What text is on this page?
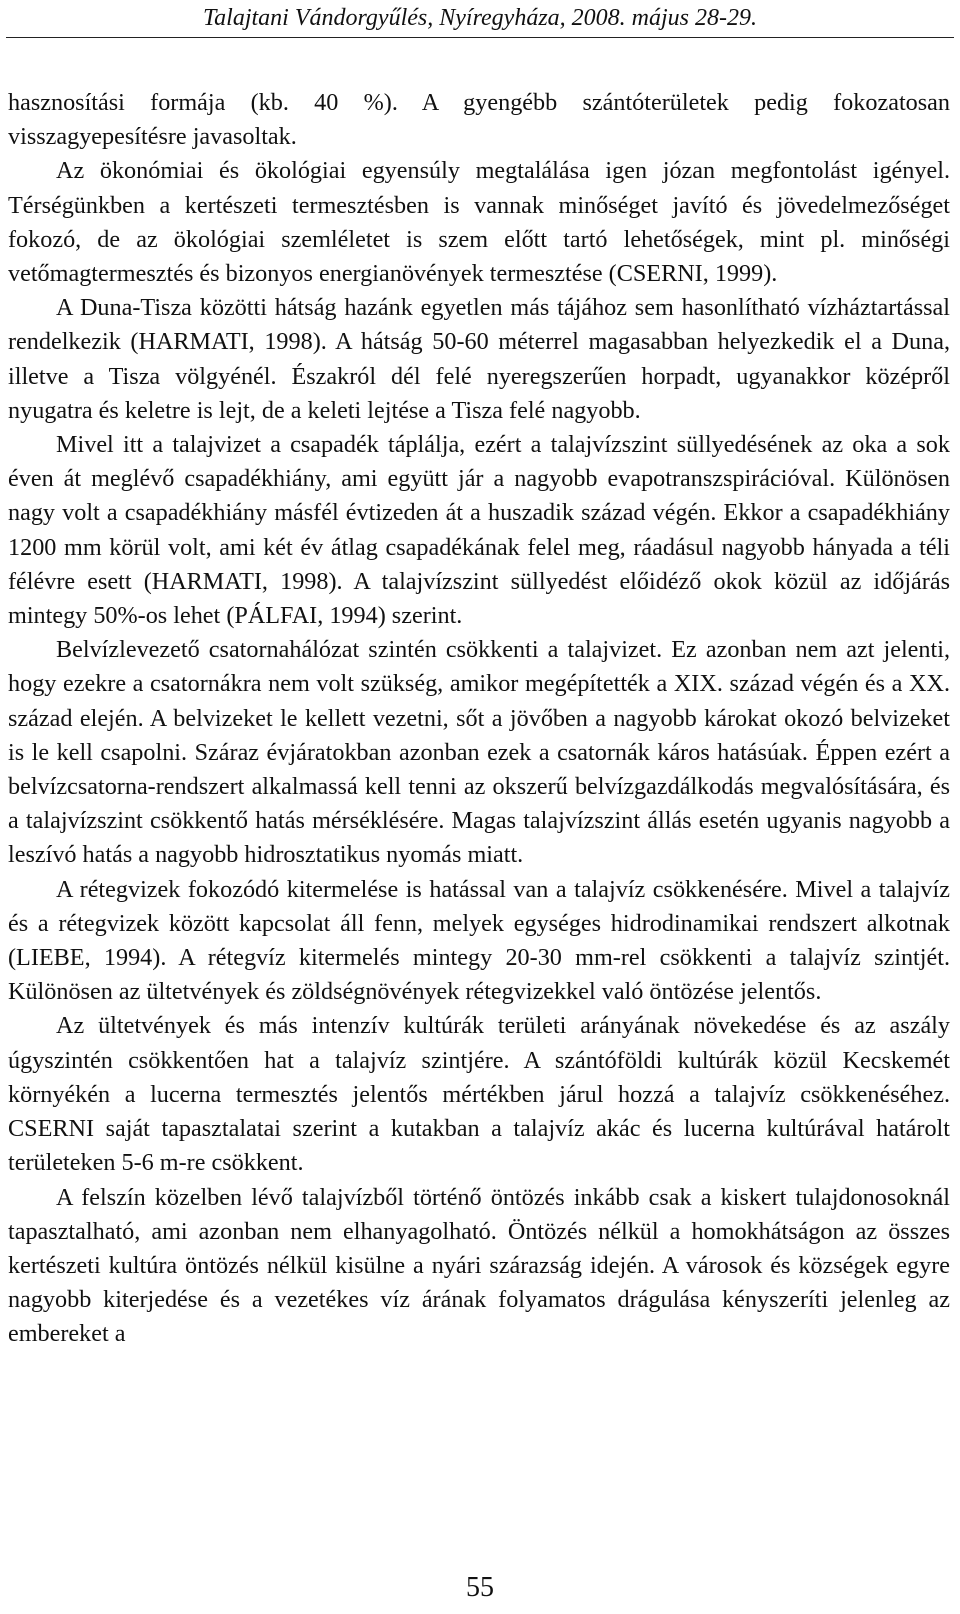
Talajtani Vándorgyűlés, Nyíregyháza, 2008. május 28-29.

hasznosítási formája (kb. 40 %). A gyengébb szántóterületek pedig fokozatosan visszagyepesítésre javasoltak.

Az ökonómiai és ökológiai egyensúly megtalálása igen józan megfontolást igényel. Térségünkben a kertészeti termesztésben is vannak minőséget javító és jövedelmezőséget fokozó, de az ökológiai szemléletet is szem előtt tartó lehetőségek, mint pl. minőségi vetőmagtermesztés és bizonyos energianövények termesztése (CSERNI, 1999).

A Duna-Tisza közötti hátság hazánk egyetlen más tájához sem hasonlítható vízháztartással rendelkezik (HARMATI, 1998). A hátság 50-60 méterrel magasabban helyezkedik el a Duna, illetve a Tisza völgyénél. Északról dél felé nyeregszerűen horpadt, ugyanakkor középről nyugatra és keletre is lejt, de a keleti lejtése a Tisza felé nagyobb.

Mivel itt a talajvizet a csapadék táplálja, ezért a talajvízszint süllyedésének az oka a sok éven át meglévő csapadékhiány, ami együtt jár a nagyobb evapotranszspirációval. Különösen nagy volt a csapadékhiány másfél évtizeden át a huszadik század végén. Ekkor a csapadékhiány 1200 mm körül volt, ami két év átlag csapadékának felel meg, ráadásul nagyobb hányada a téli félévre esett (HARMATI, 1998). A talajvízszint süllyedést előidéző okok közül az időjárás mintegy 50%-os lehet (PÁLFAI, 1994) szerint.

Belvízlevezető csatornahálózat szintén csökkenti a talajvizet. Ez azonban nem azt jelenti, hogy ezekre a csatornákra nem volt szükség, amikor megépítették a XIX. század végén és a XX. század elején. A belvizeket le kellett vezetni, sőt a jövőben a nagyobb károkat okozó belvizeket is le kell csapolni. Száraz évjáratokban azonban ezek a csatornák káros hatásúak. Éppen ezért a belvízcsatorna-rendszert alkalmassá kell tenni az okszerű belvízgazdálkodás megvalósítására, és a talajvízszint csökkentő hatás mérséklésére. Magas talajvízszint állás esetén ugyanis nagyobb a leszívó hatás a nagyobb hidrosztatikus nyomás miatt.

A rétegvizek fokozódó kitermelése is hatással van a talajvíz csökkenésére. Mivel a talajvíz és a rétegvizek között kapcsolat áll fenn, melyek egységes hidrodinamikai rendszert alkotnak (LIEBE, 1994). A rétegvíz kitermelés mintegy 20-30 mm-rel csökkenti a talajvíz szintjét. Különösen az ültetvények és zöldségnövények rétegvizekkel való öntözése jelentős.

Az ültetvények és más intenzív kultúrák területi arányának növekedése és az aszály úgyszintén csökkentően hat a talajvíz szintjére. A szántóföldi kultúrák közül Kecskemét környékén a lucerna termesztés jelentős mértékben járul hozzá a talajvíz csökkenéséhez. CSERNI saját tapasztalatai szerint a kutakban a talajvíz akác és lucerna kultúrával határolt területeken 5-6 m-re csökkent.

A felszín közelben lévő talajvízből történő öntözés inkább csak a kiskert tulajdonosoknál tapasztalható, ami azonban nem elhanyagolható. Öntözés nélkül a homokhátságon az összes kertészeti kultúra öntözés nélkül kisülne a nyári szárazság idején. A városok és községek egyre nagyobb kiterjedése és a vezetékes víz árának folyamatos drágulása kényszeríti jelenleg az embereket a

55
